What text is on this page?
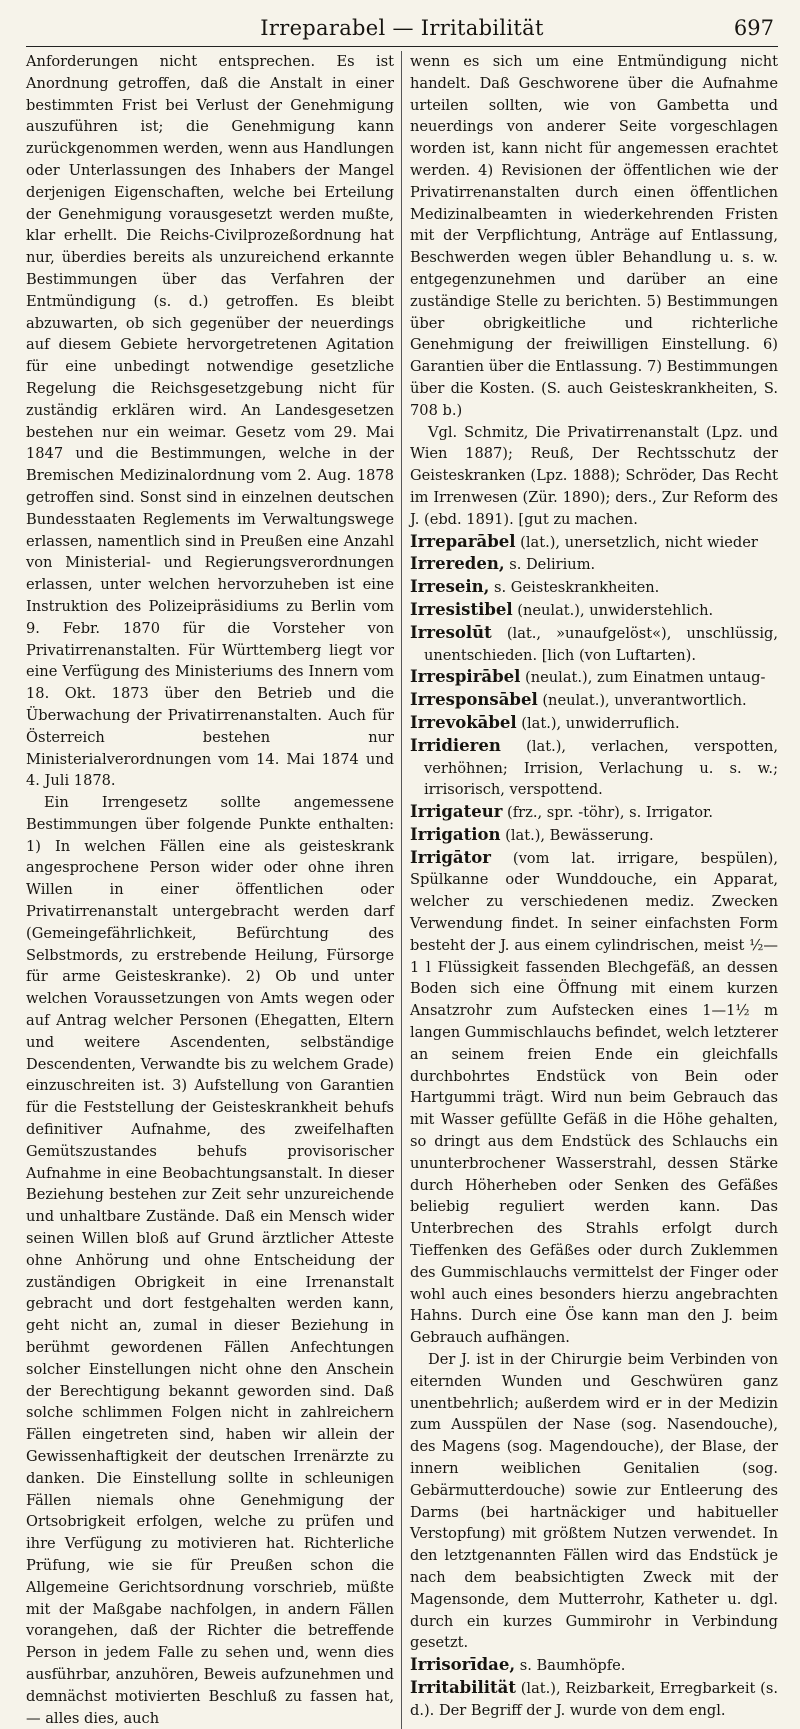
Irreparabel — Irritabilität	697

Anforderungen nicht entsprechen. Es ist Anordnung getroffen, daß die Anstalt in einer bestimmten Frist bei Verlust der Genehmigung auszuführen ist; die Genehmigung kann zurückgenommen werden, wenn aus Handlungen oder Unterlassungen des Inhabers der Mangel derjenigen Eigenschaften, welche bei Erteilung der Genehmigung vorausgesetzt werden mußte, klar erhellt. Die Reichs-Civilprozeßordnung hat nur, überdies bereits als unzureichend erkannte Bestimmungen über das Verfahren der Entmündigung (s. d.) getroffen. Es bleibt abzuwarten, ob sich gegenüber der neuerdings auf diesem Gebiete hervorgetretenen Agitation für eine unbedingt notwendige gesetzliche Regelung die Reichsgesetzgebung nicht für zuständig erklären wird. An Landesgesetzen bestehen nur ein weimar. Gesetz vom 29. Mai 1847 und die Bestimmungen, welche in der Bremischen Medizinalordnung vom 2. Aug. 1878 getroffen sind. Sonst sind in einzelnen deutschen Bundesstaaten Reglements im Verwaltungswege erlassen, namentlich sind in Preußen eine Anzahl von Ministerial- und Regierungsverordnungen erlassen, unter welchen hervorzuheben ist eine Instruktion des Polizeipräsidiums zu Berlin vom 9. Febr. 1870 für die Vorsteher von Privatirrenanstalten. Für Württemberg liegt vor eine Verfügung des Ministeriums des Innern vom 18. Okt. 1873 über den Betrieb und die Überwachung der Privatirrenanstalten. Auch für Österreich bestehen nur Ministerialverordnungen vom 14. Mai 1874 und 4. Juli 1878.

Ein Irrengesetz sollte angemessene Bestimmungen über folgende Punkte enthalten: 1) In welchen Fällen eine als geisteskrank angesprochene Person wider oder ohne ihren Willen in einer öffentlichen oder Privatirrenanstalt untergebracht werden darf (Gemeingefährlichkeit, Befürchtung des Selbstmords, zu erstrebende Heilung, Fürsorge für arme Geisteskranke). 2) Ob und unter welchen Voraussetzungen von Amts wegen oder auf Antrag welcher Personen (Ehegatten, Eltern und weitere Ascendenten, selbständige Descendenten, Verwandte bis zu welchem Grade) einzuschreiten ist. 3) Aufstellung von Garantien für die Feststellung der Geisteskrankheit behufs definitiver Aufnahme, des zweifelhaften Gemütszustandes behufs provisorischer Aufnahme in eine Beobachtungsanstalt. In dieser Beziehung bestehen zur Zeit sehr unzureichende und unhaltbare Zustände. Daß ein Mensch wider seinen Willen bloß auf Grund ärztlicher Atteste ohne Anhörung und ohne Entscheidung der zuständigen Obrigkeit in eine Irrenanstalt gebracht und dort festgehalten werden kann, geht nicht an, zumal in dieser Beziehung in berühmt gewordenen Fällen Anfechtungen solcher Einstellungen nicht ohne den Anschein der Berechtigung bekannt geworden sind. Daß solche schlimmen Folgen nicht in zahlreichern Fällen eingetreten sind, haben wir allein der Gewissenhaftigkeit der deutschen Irrenärzte zu danken. Die Einstellung sollte in schleunigen Fällen niemals ohne Genehmigung der Ortsobrigkeit erfolgen, welche zu prüfen und ihre Verfügung zu motivieren hat. Richterliche Prüfung, wie sie für Preußen schon die Allgemeine Gerichtsordnung vorschrieb, müßte mit der Maßgabe nachfolgen, in andern Fällen vorangehen, daß der Richter die betreffende Person in jedem Falle zu sehen und, wenn dies ausführbar, anzuhören, Beweis aufzunehmen und demnächst motivierten Beschluß zu fassen hat, — alles dies, auch

wenn es sich um eine Entmündigung nicht handelt. Daß Geschworene über die Aufnahme urteilen sollten, wie von Gambetta und neuerdings von anderer Seite vorgeschlagen worden ist, kann nicht für angemessen erachtet werden. 4) Revisionen der öffentlichen wie der Privatirrenanstalten durch einen öffentlichen Medizinalbeamten in wiederkehrenden Fristen mit der Verpflichtung, Anträge auf Entlassung, Beschwerden wegen übler Behandlung u. s. w. entgegenzunehmen und darüber an eine zuständige Stelle zu berichten. 5) Bestimmungen über obrigkeitliche und richterliche Genehmigung der freiwilligen Einstellung. 6) Garantien über die Entlassung. 7) Bestimmungen über die Kosten. (S. auch Geisteskrankheiten, S. 708 b.)

Vgl. Schmitz, Die Privatirrenanstalt (Lpz. und Wien 1887); Reuß, Der Rechtsschutz der Geisteskranken (Lpz. 1888); Schröder, Das Recht im Irrenwesen (Zür. 1890); ders., Zur Reform des J. (ebd. 1891). [gut zu machen.

Irreparābel (lat.), unersetzlich, nicht wieder

Irrereden, s. Delirium.

Irresein, s. Geisteskrankheiten.

Irresistibel (neulat.), unwiderstehlich.

Irresolūt (lat., »unaufgelöst«), unschlüssig, unentschieden. [lich (von Luftarten).

Irrespirābel (neulat.), zum Einatmen untaug-

Irresponsābel (neulat.), unverantwortlich.

Irrevokābel (lat.), unwiderruflich.

Irridieren (lat.), verlachen, verspotten, verhöhnen; Irrision, Verlachung u. s. w.; irrisorisch, verspottend.

Irrigateur (frz., spr. -töhr), s. Irrigator.

Irrigation (lat.), Bewässerung.

Irrigātor (vom lat. irrigare, bespülen), Spülkanne oder Wunddouche, ein Apparat, welcher zu verschiedenen mediz. Zwecken Verwendung findet. In seiner einfachsten Form besteht der J. aus einem cylindrischen, meist ½—1 l Flüssigkeit fassenden Blechgefäß, an dessen Boden sich eine Öffnung mit einem kurzen Ansatzrohr zum Aufstecken eines 1—1½ m langen Gummischlauchs befindet, welch letzterer an seinem freien Ende ein gleichfalls durchbohrtes Endstück von Bein oder Hartgummi trägt. Wird nun beim Gebrauch das mit Wasser gefüllte Gefäß in die Höhe gehalten, so dringt aus dem Endstück des Schlauchs ein ununterbrochener Wasserstrahl, dessen Stärke durch Höherheben oder Senken des Gefäßes beliebig reguliert werden kann. Das Unterbrechen des Strahls erfolgt durch Tieffenken des Gefäßes oder durch Zuklemmen des Gummischlauchs vermittelst der Finger oder wohl auch eines besonders hierzu angebrachten Hahns. Durch eine Öse kann man den J. beim Gebrauch aufhängen.

Der J. ist in der Chirurgie beim Verbinden von eiternden Wunden und Geschwüren ganz unentbehrlich; außerdem wird er in der Medizin zum Ausspülen der Nase (sog. Nasendouche), des Magens (sog. Magendouche), der Blase, der innern weiblichen Genitalien (sog. Gebärmutterdouche) sowie zur Entleerung des Darms (bei hartnäckiger und habitueller Verstopfung) mit größtem Nutzen verwendet. In den letztgenannten Fällen wird das Endstück je nach dem beabsichtigten Zweck mit der Magensonde, dem Mutterrohr, Katheter u. dgl. durch ein kurzes Gummirohr in Verbindung gesetzt.

Irrisorīdae, s. Baumhöpfe.

Irritabilität (lat.), Reizbarkeit, Erregbarkeit (s. d.). Der Begriff der J. wurde von dem engl.
